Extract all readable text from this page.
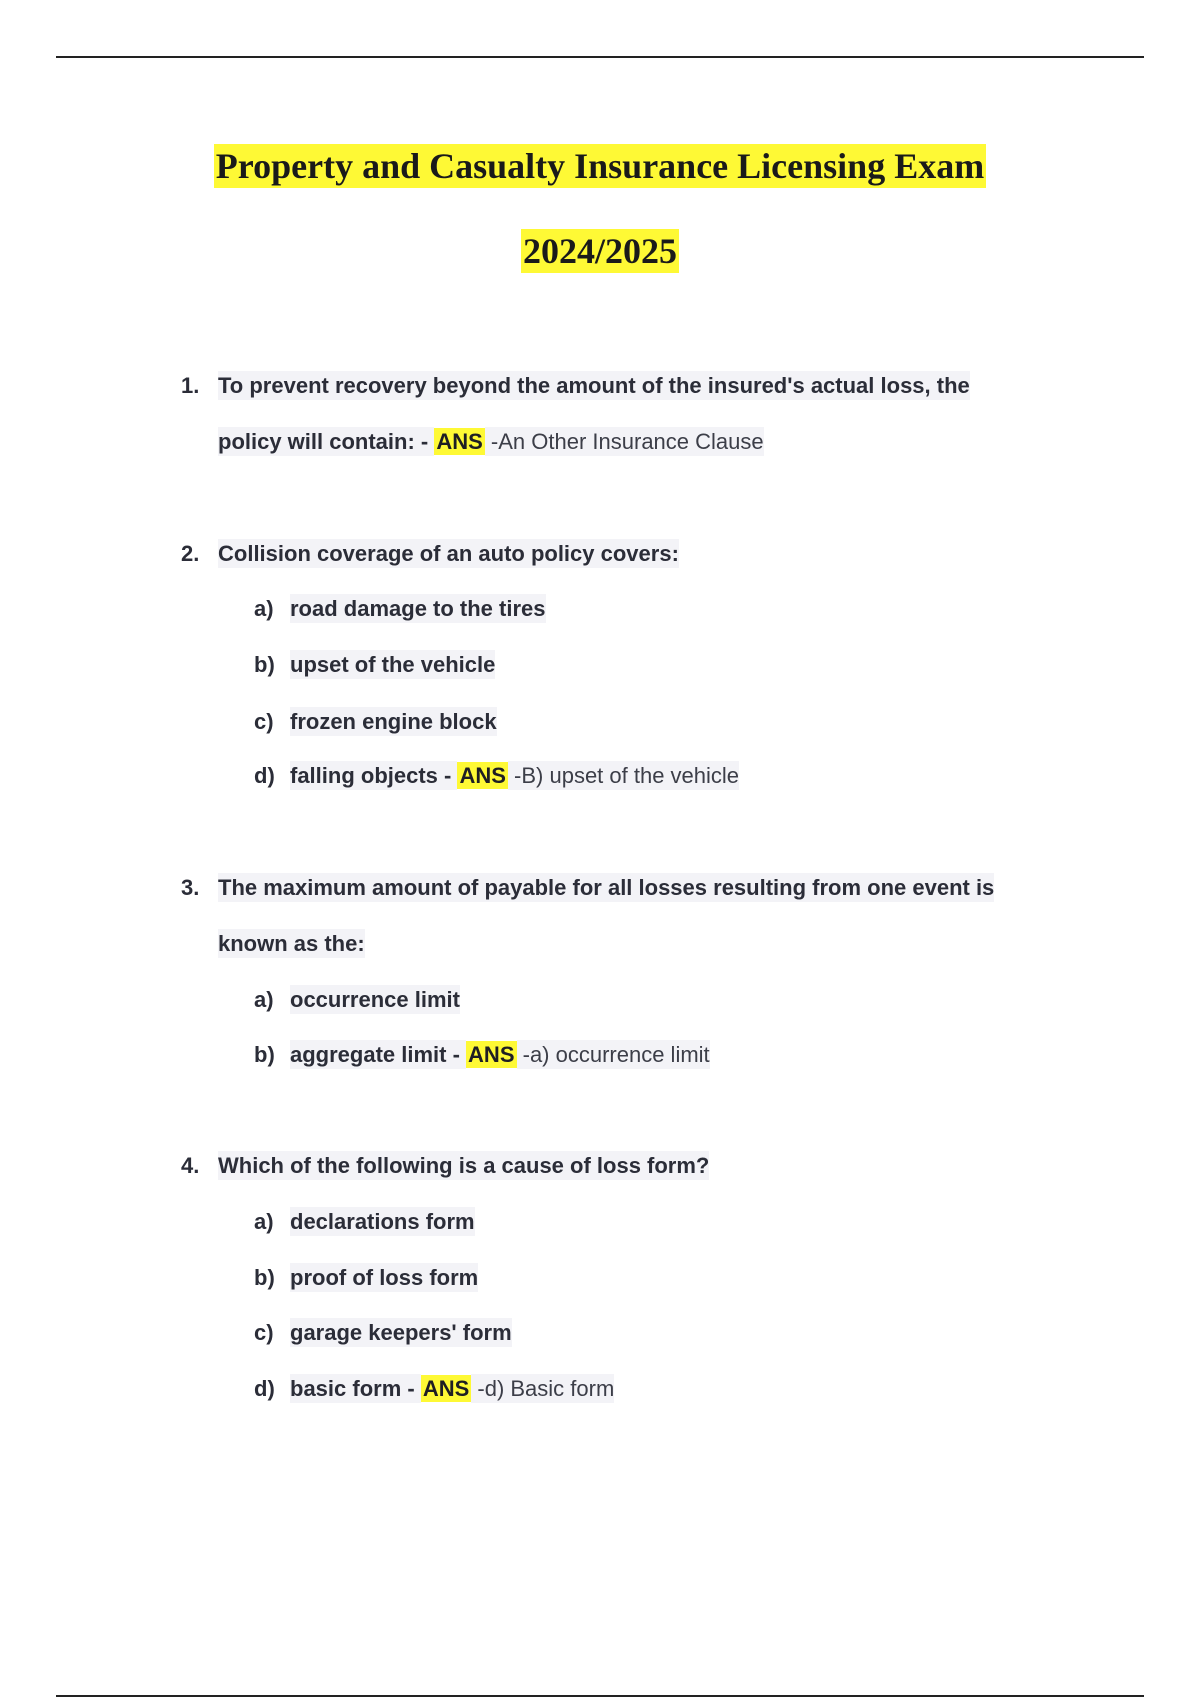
Property and Casualty Insurance Licensing Exam
2024/2025
1. To prevent recovery beyond the amount of the insured's actual loss, the
policy will contain: - ANS -An Other Insurance Clause
2. Collision coverage of an auto policy covers:
a) road damage to the tires
b) upset of the vehicle
c) frozen engine block
d) falling objects - ANS -B) upset of the vehicle
3. The maximum amount of payable for all losses resulting from one event is
known as the:
a) occurrence limit
b) aggregate limit - ANS -a) occurrence limit
4. Which of the following is a cause of loss form?
a) declarations form
b) proof of loss form
c) garage keepers' form
d) basic form - ANS -d) Basic form
